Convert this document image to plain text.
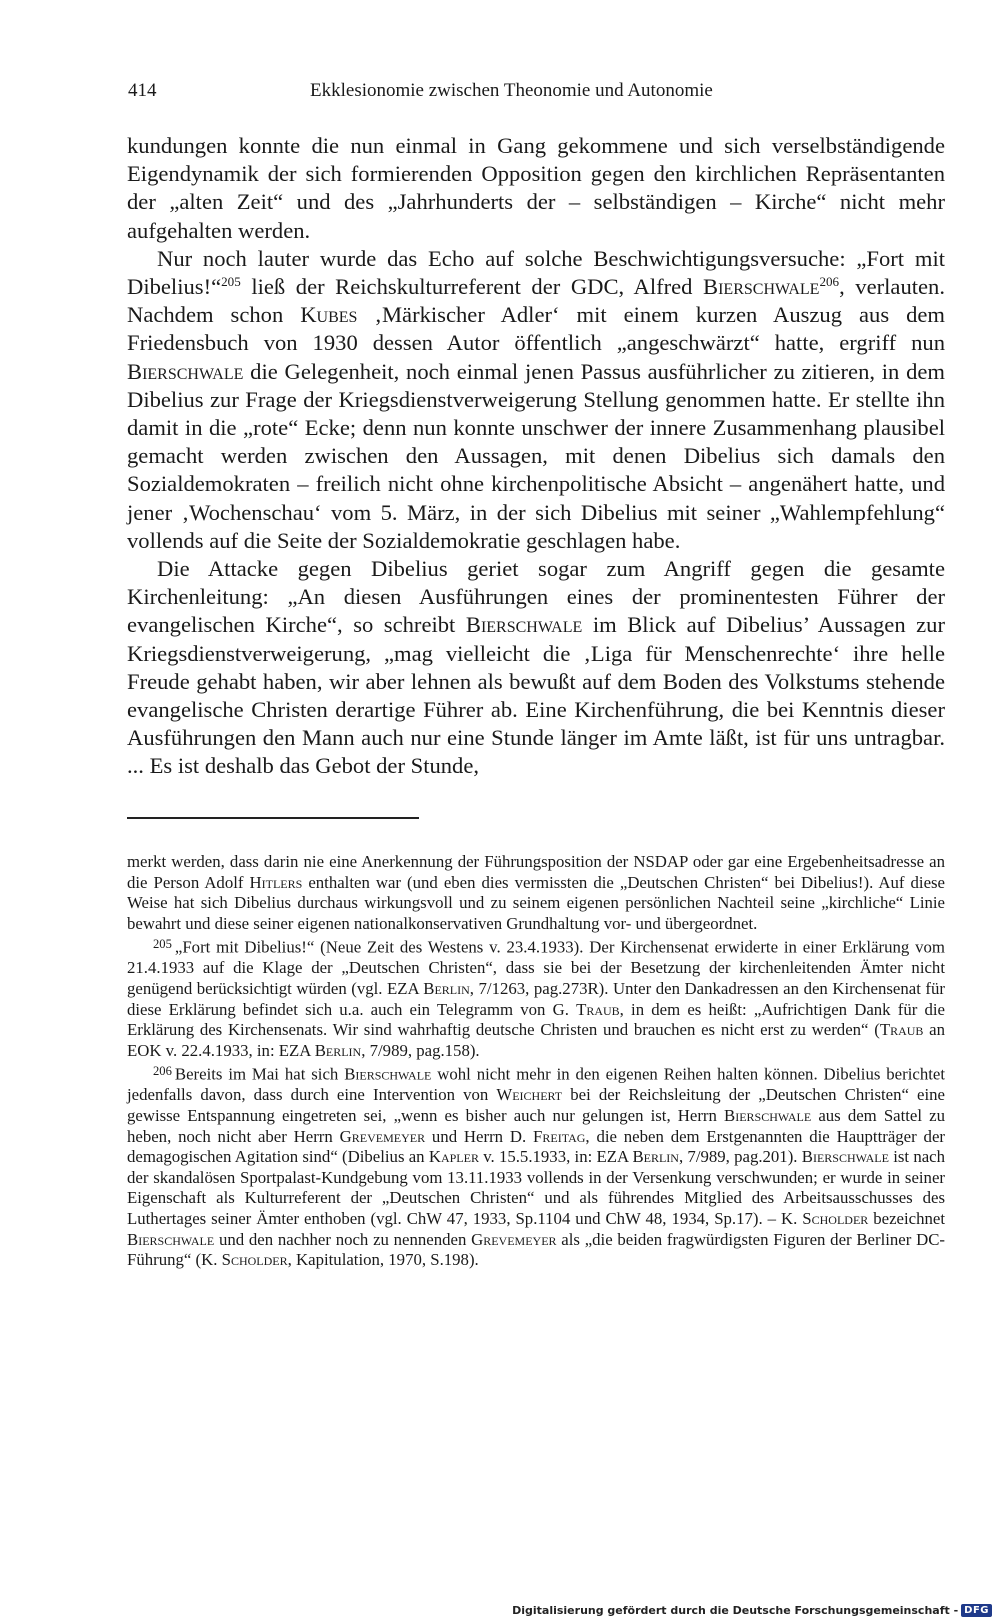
414	Ekklesionomie zwischen Theonomie und Autonomie

kundungen konnte die nun einmal in Gang gekommene und sich verselbständigende Eigendynamik der sich formierenden Opposition gegen den kirchlichen Repräsentanten der „alten Zeit“ und des „Jahrhunderts der – selbständigen – Kirche“ nicht mehr aufgehalten werden.

Nur noch lauter wurde das Echo auf solche Beschwichtigungsversuche: „Fort mit Dibelius!“$^{205}$ ließ der Reichskulturreferent der GDC, Alfred Bierschwale$^{206}$, verlauten. Nachdem schon Kubes ‚Märkischer Adler‘ mit einem kurzen Auszug aus dem Friedensbuch von 1930 dessen Autor öffentlich „angeschwärzt“ hatte, ergriff nun Bierschwale die Gelegenheit, noch einmal jenen Passus ausführlicher zu zitieren, in dem Dibelius zur Frage der Kriegsdienstverweigerung Stellung genommen hatte. Er stellte ihn damit in die „rote“ Ecke; denn nun konnte unschwer der innere Zusammenhang plausibel gemacht werden zwischen den Aussagen, mit denen Dibelius sich damals den Sozialdemokraten – freilich nicht ohne kirchenpolitische Absicht – angenähert hatte, und jener ‚Wochenschau‘ vom 5. März, in der sich Dibelius mit seiner „Wahlempfehlung“ vollends auf die Seite der Sozialdemokratie geschlagen habe.

Die Attacke gegen Dibelius geriet sogar zum Angriff gegen die gesamte Kirchenleitung: „An diesen Ausführungen eines der prominentesten Führer der evangelischen Kirche“, so schreibt Bierschwale im Blick auf Dibelius’ Aussagen zur Kriegsdienstverweigerung, „mag vielleicht die ‚Liga für Menschenrechte‘ ihre helle Freude gehabt haben, wir aber lehnen als bewußt auf dem Boden des Volkstums stehende evangelische Christen derartige Führer ab. Eine Kirchenführung, die bei Kenntnis dieser Ausführungen den Mann auch nur eine Stunde länger im Amte läßt, ist für uns untragbar. ... Es ist deshalb das Gebot der Stunde,

merkt werden, dass darin nie eine Anerkennung der Führungsposition der NSDAP oder gar eine Ergebenheitsadresse an die Person Adolf Hitlers enthalten war (und eben dies vermissten die „Deutschen Christen“ bei Dibelius!). Auf diese Weise hat sich Dibelius durchaus wirkungsvoll und zu seinem eigenen persönlichen Nachteil seine „kirchliche“ Linie bewahrt und diese seiner eigenen nationalkonservativen Grundhaltung vor- und übergeordnet.

$^{205}$ „Fort mit Dibelius!“ (Neue Zeit des Westens v. 23.4.1933). Der Kirchensenat erwiderte in einer Erklärung vom 21.4.1933 auf die Klage der „Deutschen Christen“, dass sie bei der Besetzung der kirchenleitenden Ämter nicht genügend berücksichtigt würden (vgl. EZA Berlin, 7/1263, pag.273R). Unter den Dankadressen an den Kirchensenat für diese Erklärung befindet sich u.a. auch ein Telegramm von G. Traub, in dem es heißt: „Aufrichtigen Dank für die Erklärung des Kirchensenats. Wir sind wahrhaftig deutsche Christen und brauchen es nicht erst zu werden“ (Traub an EOK v. 22.4.1933, in: EZA Berlin, 7/989, pag.158).

$^{206}$ Bereits im Mai hat sich Bierschwale wohl nicht mehr in den eigenen Reihen halten können. Dibelius berichtet jedenfalls davon, dass durch eine Intervention von Weichert bei der Reichsleitung der „Deutschen Christen“ eine gewisse Entspannung eingetreten sei, „wenn es bisher auch nur gelungen ist, Herrn Bierschwale aus dem Sattel zu heben, noch nicht aber Herrn Grevemeyer und Herrn D. Freitag, die neben dem Erstgenannten die Hauptträger der demagogischen Agitation sind“ (Dibelius an Kapler v. 15.5.1933, in: EZA Berlin, 7/989, pag.201). Bierschwale ist nach der skandalösen Sportpalast-Kundgebung vom 13.11.1933 vollends in der Versenkung verschwunden; er wurde in seiner Eigenschaft als Kulturreferent der „Deutschen Christen“ und als führendes Mitglied des Arbeitsausschusses des Luthertages seiner Ämter enthoben (vgl. ChW 47, 1933, Sp.1104 und ChW 48, 1934, Sp.17). – K. Scholder bezeichnet Bierschwale und den nachher noch zu nennenden Grevemeyer als „die beiden fragwürdigsten Figuren der Berliner DC-Führung“ (K. Scholder, Kapitulation, 1970, S.198).

Digitalisierung gefördert durch die Deutsche Forschungsgemeinschaft - DFG
